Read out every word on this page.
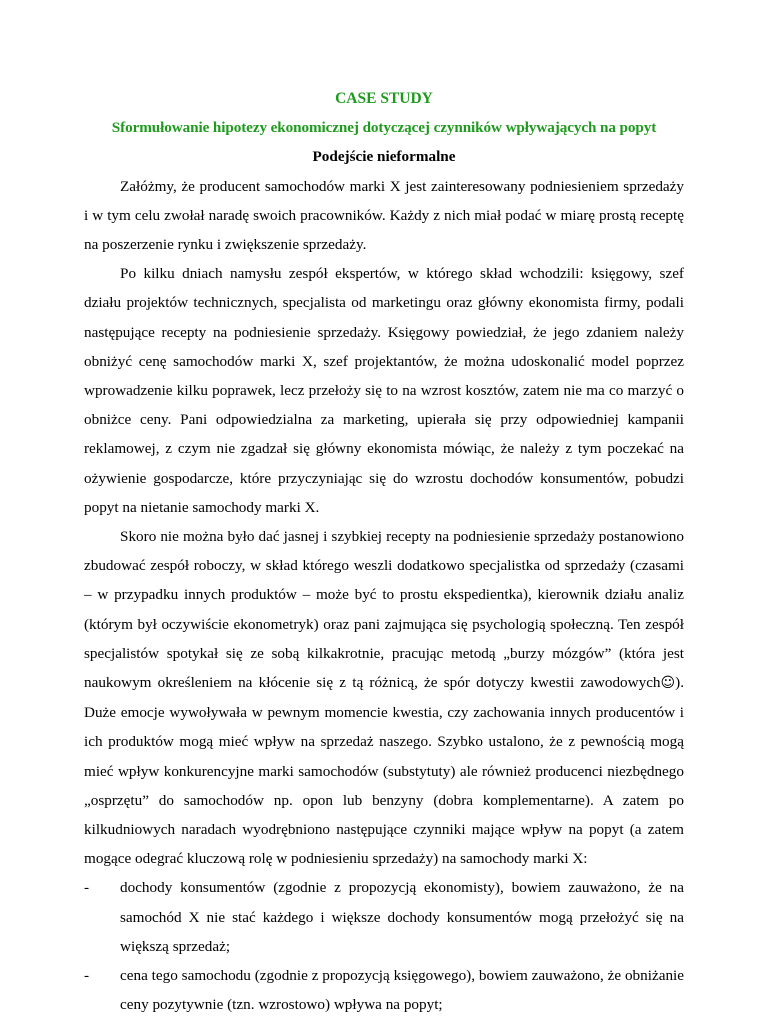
CASE STUDY

Sformułowanie hipotezy ekonomicznej dotyczącej czynników wpływających na popyt

Podejście nieformalne

Załóżmy, że producent samochodów marki X jest zainteresowany podniesieniem sprzedaży i w tym celu zwołał naradę swoich pracowników. Każdy z nich miał podać w miarę prostą receptę na poszerzenie rynku i zwiększenie sprzedaży.

Po kilku dniach namysłu zespół ekspertów, w którego skład wchodzili: księgowy, szef działu projektów technicznych, specjalista od marketingu oraz główny ekonomista firmy, podali następujące recepty na podniesienie sprzedaży. Księgowy powiedział, że jego zdaniem należy obniżyć cenę samochodów marki X, szef projektantów, że można udoskonalić model poprzez wprowadzenie kilku poprawek, lecz przełoży się to na wzrost kosztów, zatem nie ma co marzyć o obniżce ceny. Pani odpowiedzialna za marketing, upierała się przy odpowiedniej kampanii reklamowej, z czym nie zgadzał się główny ekonomista mówiąc, że należy z tym poczekać na ożywienie gospodarcze, które przyczyniając się do wzrostu dochodów konsumentów, pobudzi popyt na nietanie samochody marki X.

Skoro nie można było dać jasnej i szybkiej recepty na podniesienie sprzedaży postanowiono zbudować zespół roboczy, w skład którego weszli dodatkowo specjalistka od sprzedaży (czasami – w przypadku innych produktów – może być to prostu ekspedientka), kierownik działu analiz (którym był oczywiście ekonometryk) oraz pani zajmująca się psychologią społeczną. Ten zespół specjalistów spotykał się ze sobą kilkakrotnie, pracując metodą „burzy mózgów” (która jest naukowym określeniem na kłócenie się z tą różnicą, że spór dotyczy kwestii zawodowych☺). Duże emocje wywoływała w pewnym momencie kwestia, czy zachowania innych producentów i ich produktów mogą mieć wpływ na sprzedaż naszego. Szybko ustalono, że z pewnością mogą mieć wpływ konkurencyjne marki samochodów (substytuty) ale również producenci niezbędnego „osprzętu” do samochodów np. opon lub benzyny (dobra komplementarne). A zatem po kilkudniowych naradach wyodrębniono następujące czynniki mające wpływ na popyt (a zatem mogące odegrać kluczową rolę w podniesieniu sprzedaży) na samochody marki X:

-	dochody konsumentów (zgodnie z propozycją ekonomisty), bowiem zauważono, że na samochód X nie stać każdego i większe dochody konsumentów mogą przełożyć się na większą sprzedaż;
-	cena tego samochodu (zgodnie z propozycją księgowego), bowiem zauważono, że obniżanie ceny pozytywnie (tzn. wzrostowo) wpływa na popyt;
